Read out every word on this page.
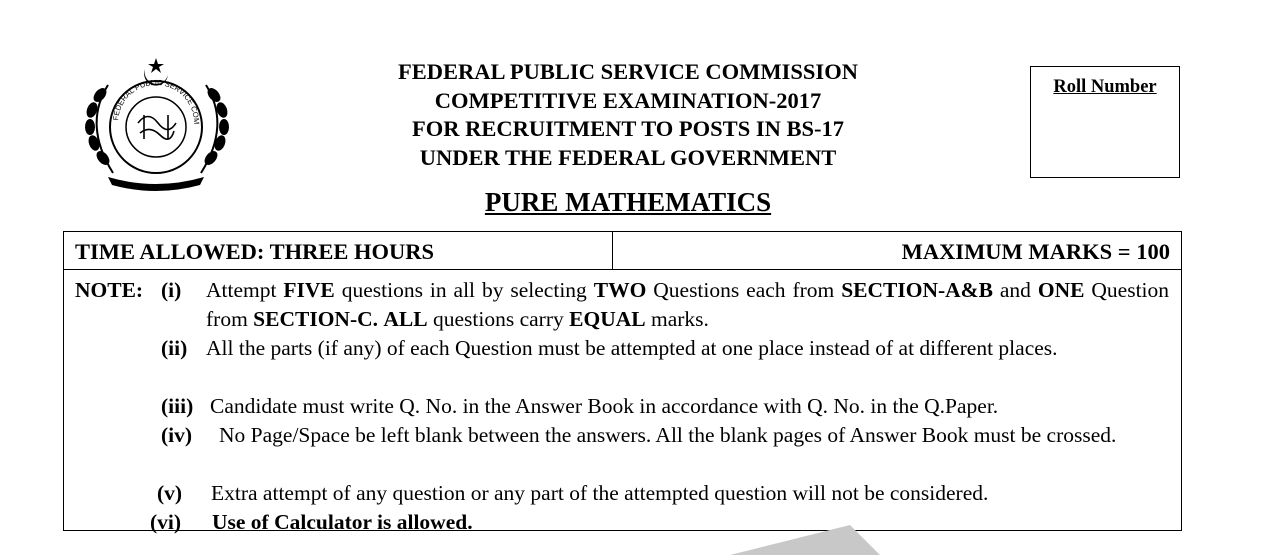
FEDERAL PUBLIC SERVICE COM
FEDERAL PUBLIC SERVICE COMMISSION
COMPETITIVE EXAMINATION-2017
FOR RECRUITMENT TO POSTS IN BS-17
UNDER THE FEDERAL GOVERNMENT
Roll Number
PURE MATHEMATICS
TIME ALLOWED: THREE HOURS	MAXIMUM MARKS = 100
NOTE: (i) Attempt FIVE questions in all by selecting TWO Questions each from SECTION-A&B and ONE Question from SECTION-C. ALL questions carry EQUAL marks.
(ii) All the parts (if any) of each Question must be attempted at one place instead of at different places.
(iii) Candidate must write Q. No. in the Answer Book in accordance with Q. No. in the Q.Paper.
(iv)	No Page/Space be left blank between the answers. All the blank pages of Answer Book must be crossed.
(v) Extra attempt of any question or any part of the attempted question will not be considered.
(vi) Use of Calculator is allowed.
